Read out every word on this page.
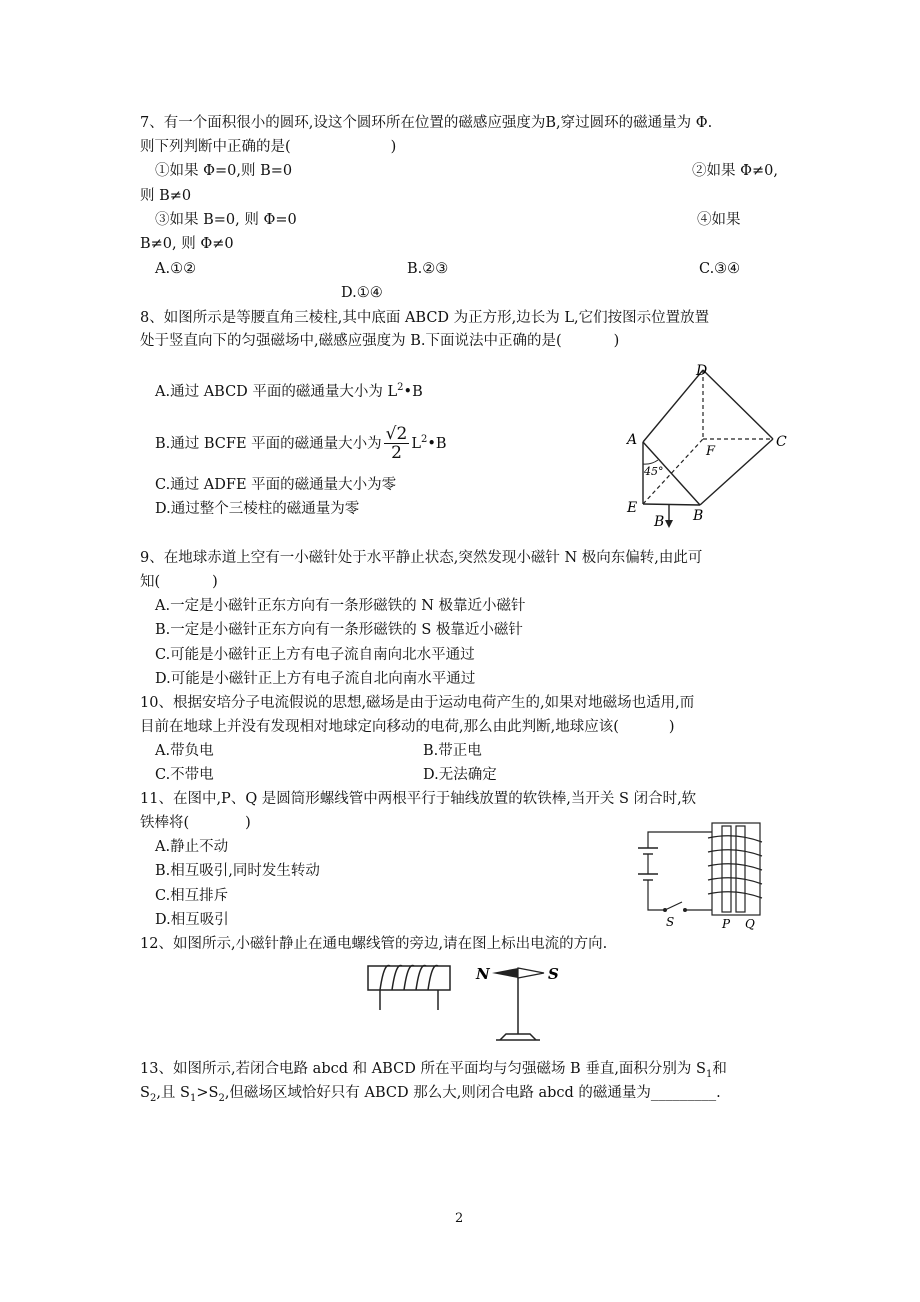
7、有一个面积很小的圆环,设这个圆环所在位置的磁感应强度为B,穿过圆环的磁通量为 Φ.
则下列判断中正确的是(	)
①如果 Φ=0,则 B=0	②如果 Φ≠0,
则 B≠0
③如果 B=0, 则 Φ=0	④如果
B≠0, 则 Φ≠0
A.①②	B.②③	C.③④
D.①④
8、如图所示是等腰直角三棱柱,其中底面 ABCD 为正方形,边长为 L,它们按图示位置放置
处于竖直向下的匀强磁场中,磁感应强度为 B.下面说法中正确的是(	)
A.通过 ABCD 平面的磁通量大小为 $L^2•B$
B.通过 BCFE 平面的磁通量大小为 $\frac{√2}{2}$ $L^2•B$
C.通过 ADFE 平面的磁通量大小为零
D.通过整个三棱柱的磁通量为零
D
A
F
C
E	B
B
45°
9、在地球赤道上空有一小磁针处于水平静止状态,突然发现小磁针 N 极向东偏转,由此可
知(	)
A.一定是小磁针正东方向有一条形磁铁的 N 极靠近小磁针
B.一定是小磁针正东方向有一条形磁铁的 S 极靠近小磁针
C.可能是小磁针正上方有电子流自南向北水平通过
D.可能是小磁针正上方有电子流自北向南水平通过
10、根据安培分子电流假说的思想,磁场是由于运动电荷产生的,如果对地磁场也适用,而
目前在地球上并没有发现相对地球定向移动的电荷,那么由此判断,地球应该(	)
A.带负电	B.带正电
C.不带电	D.无法确定
11、在图中,P、Q 是圆筒形螺线管中两根平行于轴线放置的软铁棒,当开关 S 闭合时,软
铁棒将(	)
A.静止不动
B.相互吸引,同时发生转动
C.相互排斥
D.相互吸引	S	P Q
12、如图所示,小磁针静止在通电螺线管的旁边,请在图上标出电流的方向.
N	S
13、如图所示,若闭合电路 abcd 和 ABCD 所在平面均与匀强磁场 B 垂直,面积分别为 $S_1$和
$S_2$,且 $S_1>S_2$,但磁场区域恰好只有 ABCD 那么大,则闭合电路 abcd 的磁通量为_________.
2
